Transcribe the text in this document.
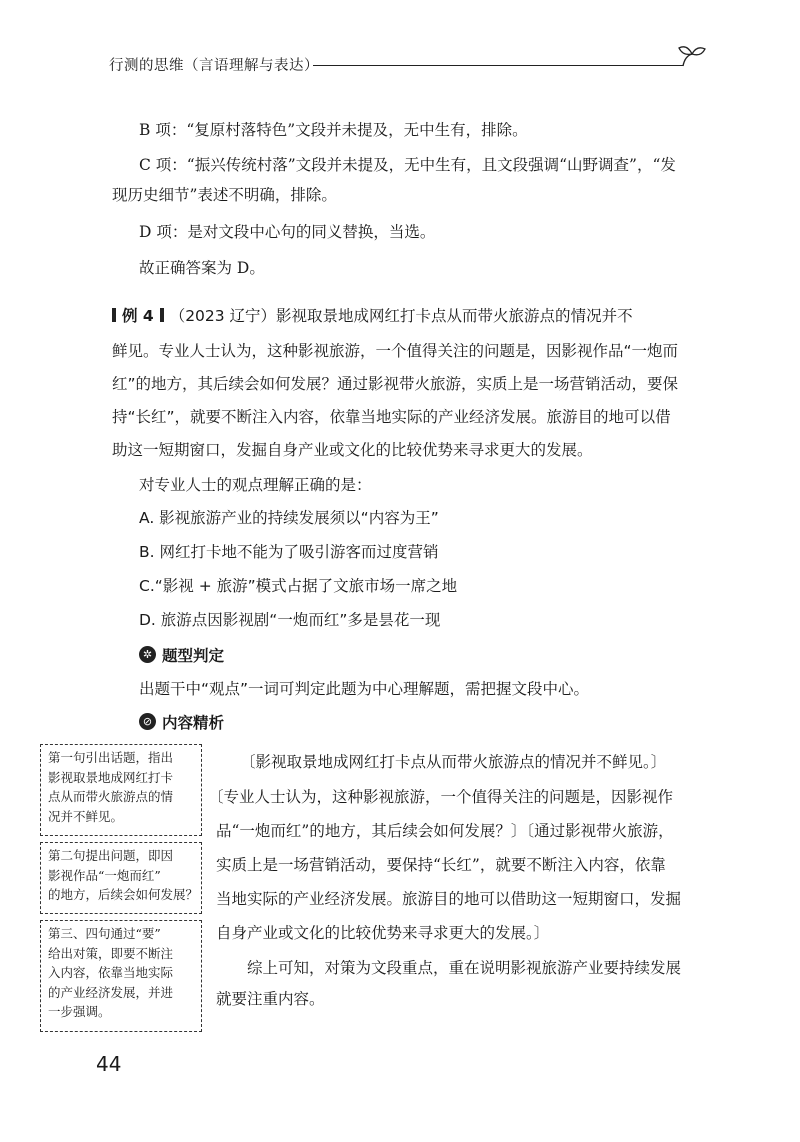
行测的思维（言语理解与表达）
B 项：“复原村落特色”文段并未提及，无中生有，排除。
C 项：“振兴传统村落”文段并未提及，无中生有，且文段强调“山野调查”，“发
现历史细节”表述不明确，排除。
D 项：是对文段中心句的同义替换，当选。
故正确答案为 D。
例 4 （2023 辽宁）影视取景地成网红打卡点从而带火旅游点的情况并不
鲜见。专业人士认为，这种影视旅游，一个值得关注的问题是，因影视作品“一炮而
红”的地方，其后续会如何发展？通过影视带火旅游，实质上是一场营销活动，要保
持“长红”，就要不断注入内容，依靠当地实际的产业经济发展。旅游目的地可以借
助这一短期窗口，发掘自身产业或文化的比较优势来寻求更大的发展。
对专业人士的观点理解正确的是：
A. 影视旅游产业的持续发展须以“内容为王”
B. 网红打卡地不能为了吸引游客而过度营销
C.“影视 + 旅游”模式占据了文旅市场一席之地
D. 旅游点因影视剧“一炮而红”多是昙花一现
✲ 题型判定
出题干中“观点”一词可判定此题为中心理解题，需把握文段中心。
⊘ 内容精析
第一句引出话题，指出
影视取景地成网红打卡
点从而带火旅游点的情
况并不鲜见。
第二句提出问题，即因
影视作品“一炮而红”
的地方，后续会如何发展？
第三、四句通过“要”
给出对策，即要不断注
入内容，依靠当地实际
的产业经济发展，并进
一步强调。
〔影视取景地成网红打卡点从而带火旅游点的情况并不鲜见。〕
〔专业人士认为，这种影视旅游，一个值得关注的问题是，因影视作
品“一炮而红”的地方，其后续会如何发展？〕〔通过影视带火旅游，
实质上是一场营销活动，要保持“长红”，就要不断注入内容，依靠
当地实际的产业经济发展。旅游目的地可以借助这一短期窗口，发掘
自身产业或文化的比较优势来寻求更大的发展。〕
综上可知，对策为文段重点，重在说明影视旅游产业要持续发展
就要注重内容。
44
